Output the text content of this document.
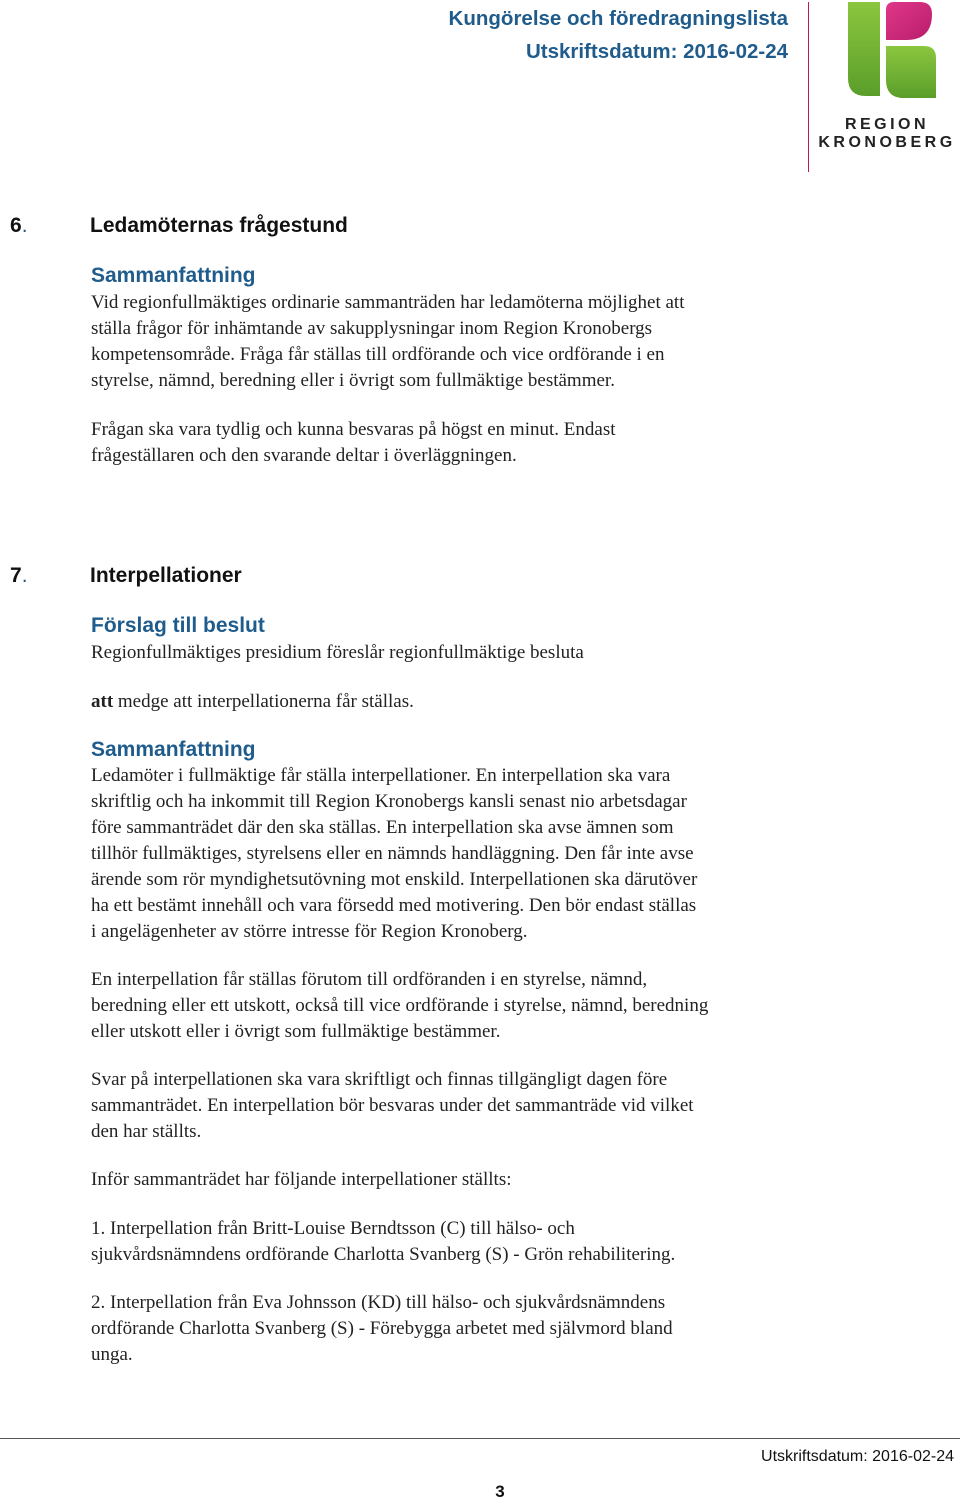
Kungörelse och föredragningslista
Utskriftsdatum: 2016-02-24
REGION
KRONOBERG
6.	Ledamöternas frågestund
Sammanfattning
Vid regionfullmäktiges ordinarie sammanträden har ledamöterna möjlighet att
ställa frågor för inhämtande av sakupplysningar inom Region Kronobergs
kompetensområde. Fråga får ställas till ordförande och vice ordförande i en
styrelse, nämnd, beredning eller i övrigt som fullmäktige bestämmer.
Frågan ska vara tydlig och kunna besvaras på högst en minut. Endast
frågeställaren och den svarande deltar i överläggningen.
7.	Interpellationer
Förslag till beslut
Regionfullmäktiges presidium föreslår regionfullmäktige besluta
att medge att interpellationerna får ställas.
Sammanfattning
Ledamöter i fullmäktige får ställa interpellationer. En interpellation ska vara
skriftlig och ha inkommit till Region Kronobergs kansli senast nio arbetsdagar
före sammanträdet där den ska ställas. En interpellation ska avse ämnen som
tillhör fullmäktiges, styrelsens eller en nämnds handläggning. Den får inte avse
ärende som rör myndighetsutövning mot enskild. Interpellationen ska därutöver
ha ett bestämt innehåll och vara försedd med motivering. Den bör endast ställas
i angelägenheter av större intresse för Region Kronoberg.
En interpellation får ställas förutom till ordföranden i en styrelse, nämnd,
beredning eller ett utskott, också till vice ordförande i styrelse, nämnd, beredning
eller utskott eller i övrigt som fullmäktige bestämmer.
Svar på interpellationen ska vara skriftligt och finnas tillgängligt dagen före
sammanträdet. En interpellation bör besvaras under det sammanträde vid vilket
den har ställts.
Inför sammanträdet har följande interpellationer ställts:
1. Interpellation från Britt-Louise Berndtsson (C) till hälso- och
sjukvårdsnämndens ordförande Charlotta Svanberg (S) - Grön rehabilitering.
2. Interpellation från Eva Johnsson (KD) till hälso- och sjukvårdsnämndens
ordförande Charlotta Svanberg (S) - Förebygga arbetet med självmord bland
unga.
Utskriftsdatum: 2016-02-24
3
